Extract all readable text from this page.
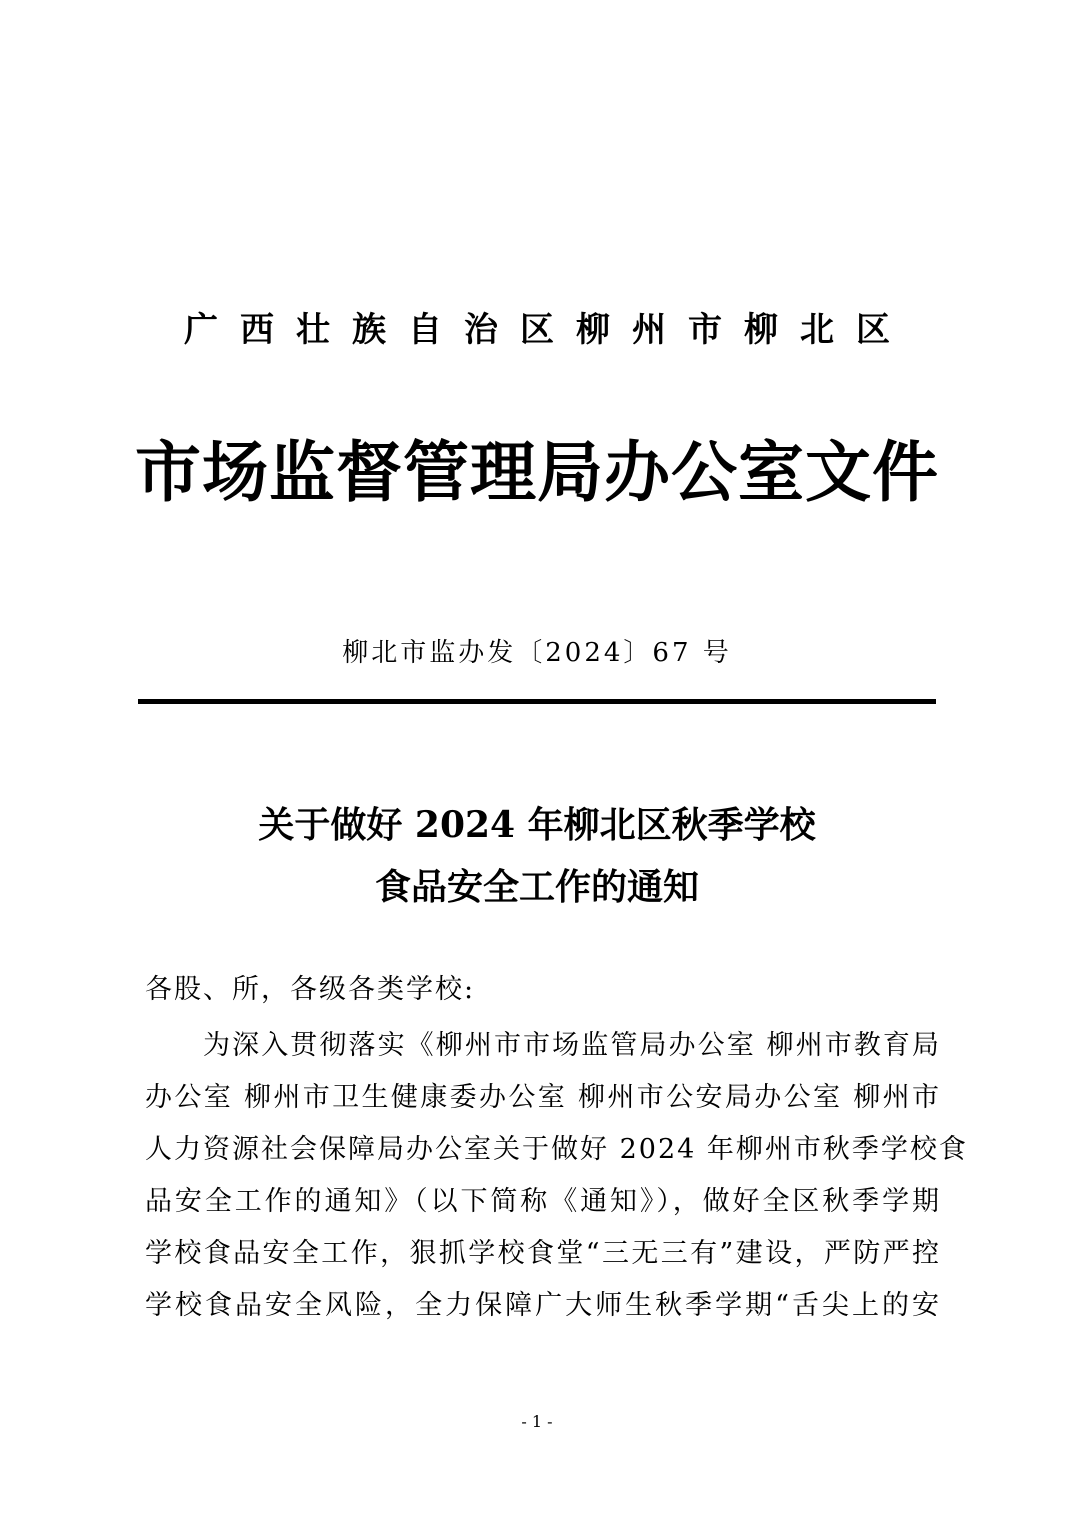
广西壮族自治区柳州市柳北区
市场监督管理局办公室文件
柳北市监办发〔2024〕67 号
关于做好 2024 年柳北区秋季学校
食品安全工作的通知
各股、所，各级各类学校:
为深入贯彻落实《柳州市市场监管局办公室 柳州市教育局
办公室 柳州市卫生健康委办公室 柳州市公安局办公室 柳州市
人力资源社会保障局办公室关于做好 2024 年柳州市秋季学校食
品安全工作的通知》（以下简称《通知》），做好全区秋季学期
学校食品安全工作，狠抓学校食堂“三无三有”建设，严防严控
学校食品安全风险，全力保障广大师生秋季学期“舌尖上的安
- 1 -
